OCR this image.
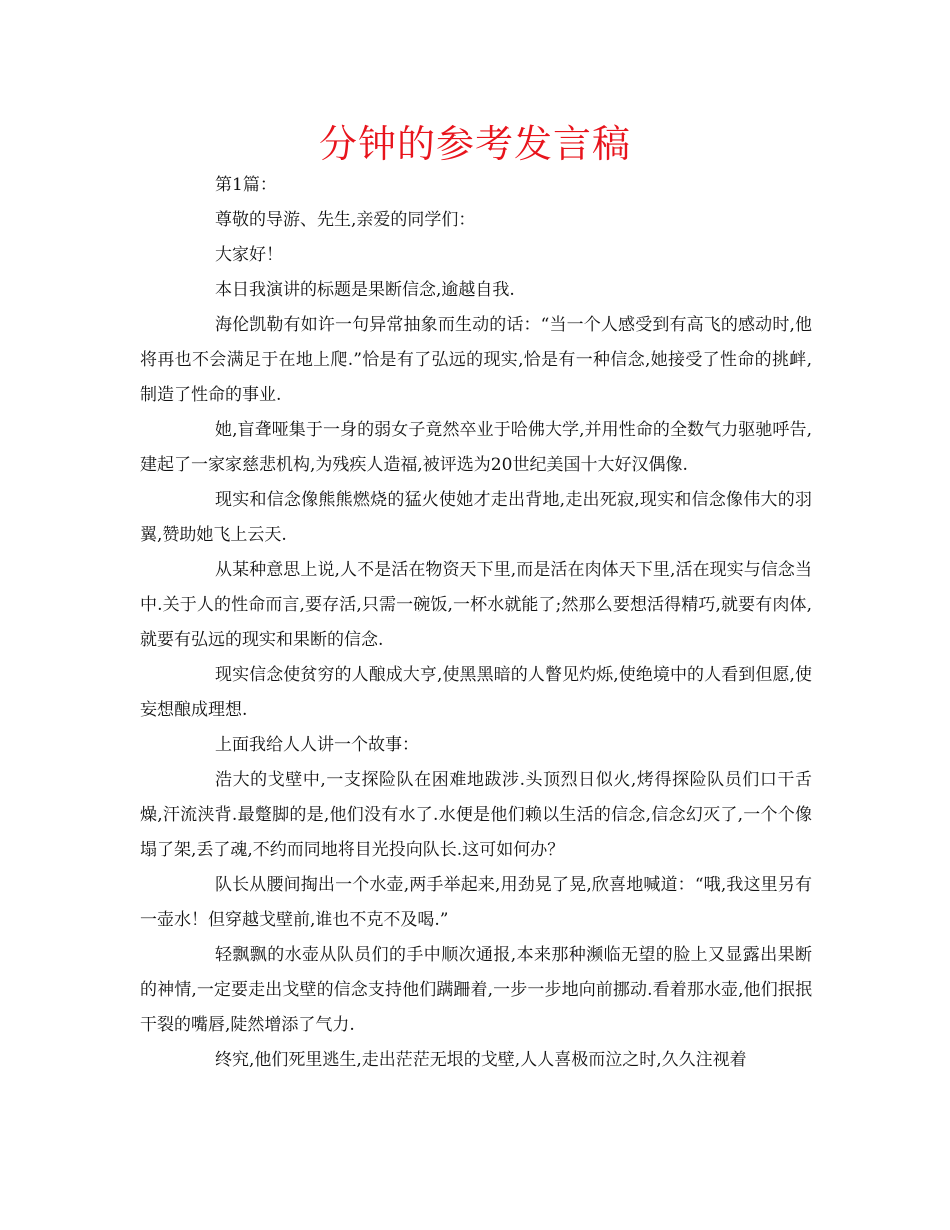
分钟的参考发言稿

第1篇：

尊敬的导游、先生,亲爱的同学们：

大家好！

本日我演讲的标题是果断信念,逾越自我.

海伦凯勒有如许一句异常抽象而生动的话：“当一个人感受到有高飞的感动时,他将再也不会满足于在地上爬.”恰是有了弘远的现实,恰是有一种信念,她接受了性命的挑衅,制造了性命的事业.

她,盲聋哑集于一身的弱女子竟然卒业于哈佛大学,并用性命的全数气力驱驰呼告,建起了一家家慈悲机构,为残疾人造福,被评选为20世纪美国十大好汉偶像.

现实和信念像熊熊燃烧的猛火使她才走出背地,走出死寂,现实和信念像伟大的羽翼,赞助她飞上云天.

从某种意思上说,人不是活在物资天下里,而是活在肉体天下里,活在现实与信念当中.关于人的性命而言,要存活,只需一碗饭,一杯水就能了;然那么要想活得精巧,就要有肉体,就要有弘远的现实和果断的信念.

现实信念使贫穷的人酿成大亨,使黑黑暗的人瞥见灼烁,使绝境中的人看到但愿,使妄想酿成理想.

上面我给人人讲一个故事：

浩大的戈壁中,一支探险队在困难地跋涉.头顶烈日似火,烤得探险队员们口干舌燥,汗流浃背.最蹩脚的是,他们没有水了.水便是他们赖以生活的信念,信念幻灭了,一个个像塌了架,丢了魂,不约而同地将目光投向队长.这可如何办？

队长从腰间掏出一个水壶,两手举起来,用劲晃了晃,欣喜地喊道：“哦,我这里另有一壶水！但穿越戈壁前,谁也不克不及喝.”

轻飘飘的水壶从队员们的手中顺次通报,本来那种濒临无望的脸上又显露出果断的神情,一定要走出戈壁的信念支持他们蹒跚着,一步一步地向前挪动.看着那水壶,他们抿抿干裂的嘴唇,陡然增添了气力.

终究,他们死里逃生,走出茫茫无垠的戈壁,人人喜极而泣之时,久久注视着
